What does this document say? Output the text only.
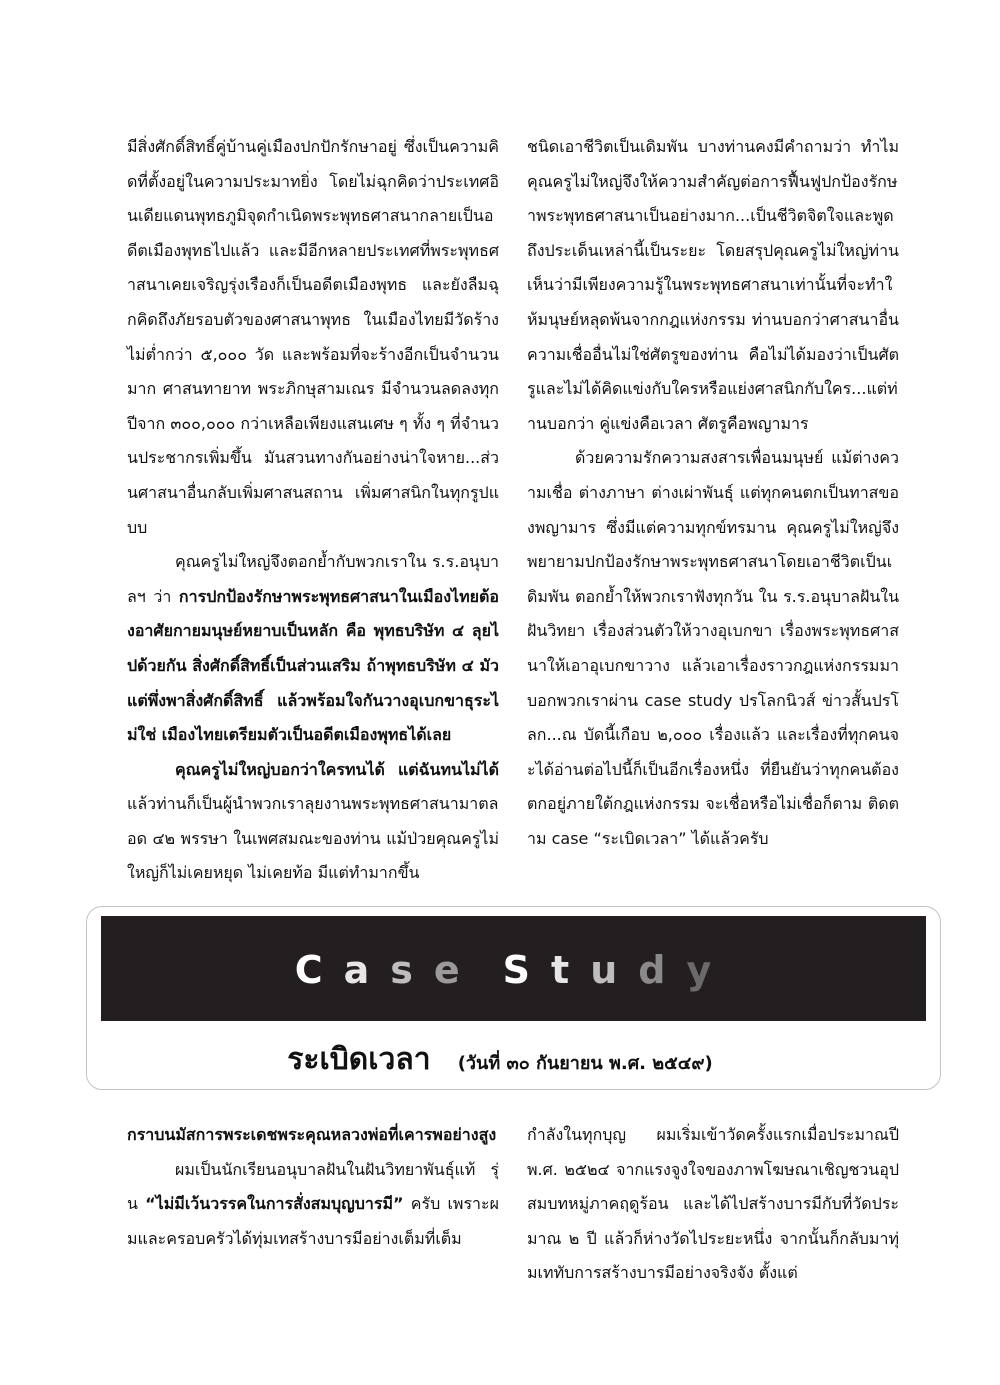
มีสิ่งศักดิ์สิทธิ์คู่บ้านคู่เมืองปกปักรักษาอยู่ ซึ่งเป็นความคิดที่ตั้งอยู่ในความประมาทยิ่ง โดยไม่ฉุกคิดว่าประเทศอินเดียแดนพุทธภูมิจุดกำเนิดพระพุทธศาสนากลายเป็นอดีตเมืองพุทธไปแล้ว และมีอีกหลายประเทศที่พระพุทธศาสนาเคยเจริญรุ่งเรืองก็เป็นอดีตเมืองพุทธ และยังลืมฉุกคิดถึงภัยรอบตัวของศาสนาพุทธ ในเมืองไทยมีวัดร้างไม่ต่ำกว่า ๕,๐๐๐ วัด และพร้อมที่จะร้างอีกเป็นจำนวนมาก ศาสนทายาท พระภิกษุสามเณร มีจำนวนลดลงทุกปีจาก ๓๐๐,๐๐๐ กว่าเหลือเพียงแสนเศษ ๆ ทั้ง ๆ ที่จำนวนประชากรเพิ่มขึ้น มันสวนทางกันอย่างน่าใจหาย...ส่วนศาสนาอื่นกลับเพิ่มศาสนสถาน เพิ่มศาสนิกในทุกรูปแบบ

คุณครูไม่ใหญ่จึงตอกย้ำกับพวกเราใน ร.ร.อนุบาลฯ ว่า การปกป้องรักษาพระพุทธศาสนาในเมืองไทยต้องอาศัยกายมนุษย์หยาบเป็นหลัก คือ พุทธบริษัท ๔ ลุยไปด้วยกัน สิ่งศักดิ์สิทธิ์เป็นส่วนเสริม ถ้าพุทธบริษัท ๔ มัวแต่พึ่งพาสิ่งศักดิ์สิทธิ์ แล้วพร้อมใจกันวางอุเบกขาธุระไม่ใช่ เมืองไทยเตรียมตัวเป็นอดีตเมืองพุทธได้เลย

คุณครูไม่ใหญ่บอกว่าใครทนได้ แต่ฉันทนไม่ได้ แล้วท่านก็เป็นผู้นำพวกเราลุยงานพระพุทธศาสนามาตลอด ๔๒ พรรษา ในเพศสมณะของท่าน แม้ป่วยคุณครูไม่ใหญ่ก็ไม่เคยหยุด ไม่เคยท้อ มีแต่ทำมากขึ้น

ชนิดเอาชีวิตเป็นเดิมพัน บางท่านคงมีคำถามว่า ทำไมคุณครูไม่ใหญ่จึงให้ความสำคัญต่อการฟื้นฟูปกป้องรักษาพระพุทธศาสนาเป็นอย่างมาก...เป็นชีวิตจิตใจและพูดถึงประเด็นเหล่านี้เป็นระยะ โดยสรุปคุณครูไม่ใหญ่ท่านเห็นว่ามีเพียงความรู้ในพระพุทธศาสนาเท่านั้นที่จะทำให้มนุษย์หลุดพ้นจากกฎแห่งกรรม ท่านบอกว่าศาสนาอื่นความเชื่ออื่นไม่ใช่ศัตรูของท่าน คือไม่ได้มองว่าเป็นศัตรูและไม่ได้คิดแข่งกับใครหรือแย่งศาสนิกกับใคร...แต่ท่านบอกว่า คู่แข่งคือเวลา ศัตรูคือพญามาร

ด้วยความรักความสงสารเพื่อนมนุษย์ แม้ต่างความเชื่อ ต่างภาษา ต่างเผ่าพันธุ์ แต่ทุกคนตกเป็นทาสของพญามาร ซึ่งมีแต่ความทุกข์ทรมาน คุณครูไม่ใหญ่จึงพยายามปกป้องรักษาพระพุทธศาสนาโดยเอาชีวิตเป็นเดิมพัน ตอกย้ำให้พวกเราฟังทุกวัน ใน ร.ร.อนุบาลฝันในฝันวิทยา เรื่องส่วนตัวให้วางอุเบกขา เรื่องพระพุทธศาสนาให้เอาอุเบกขาวาง แล้วเอาเรื่องราวกฎแห่งกรรมมาบอกพวกเราผ่าน case study ปรโลกนิวส์ ข่าวสั้นปรโลก...ณ บัดนี้เกือบ ๒,๐๐๐ เรื่องแล้ว และเรื่องที่ทุกคนจะได้อ่านต่อไปนี้ก็เป็นอีกเรื่องหนึ่ง ที่ยืนยันว่าทุกคนต้องตกอยู่ภายใต้กฎแห่งกรรม จะเชื่อหรือไม่เชื่อก็ตาม ติดตาม case “ระเบิดเวลา” ได้แล้วครับ

Case Study
ระเบิดเวลา (วันที่ ๓๐ กันยายน พ.ศ. ๒๕๔๙)

กราบนมัสการพระเดชพระคุณหลวงพ่อที่เคารพอย่างสูง

ผมเป็นนักเรียนอนุบาลฝันในฝันวิทยาพันธุ์แท้ รุ่น “ไม่มีเว้นวรรคในการสั่งสมบุญบารมี” ครับ เพราะผมและครอบครัวได้ทุ่มเทสร้างบารมีอย่างเต็มที่เต็ม

กำลังในทุกบุญ ผมเริ่มเข้าวัดครั้งแรกเมื่อประมาณปี พ.ศ. ๒๕๒๔ จากแรงจูงใจของภาพโฆษณาเชิญชวนอุปสมบทหมู่ภาคฤดูร้อน และได้ไปสร้างบารมีกับที่วัดประมาณ ๒ ปี แล้วก็ห่างวัดไประยะหนึ่ง จากนั้นก็กลับมาทุ่มเททับการสร้างบารมีอย่างจริงจัง ตั้งแต่
